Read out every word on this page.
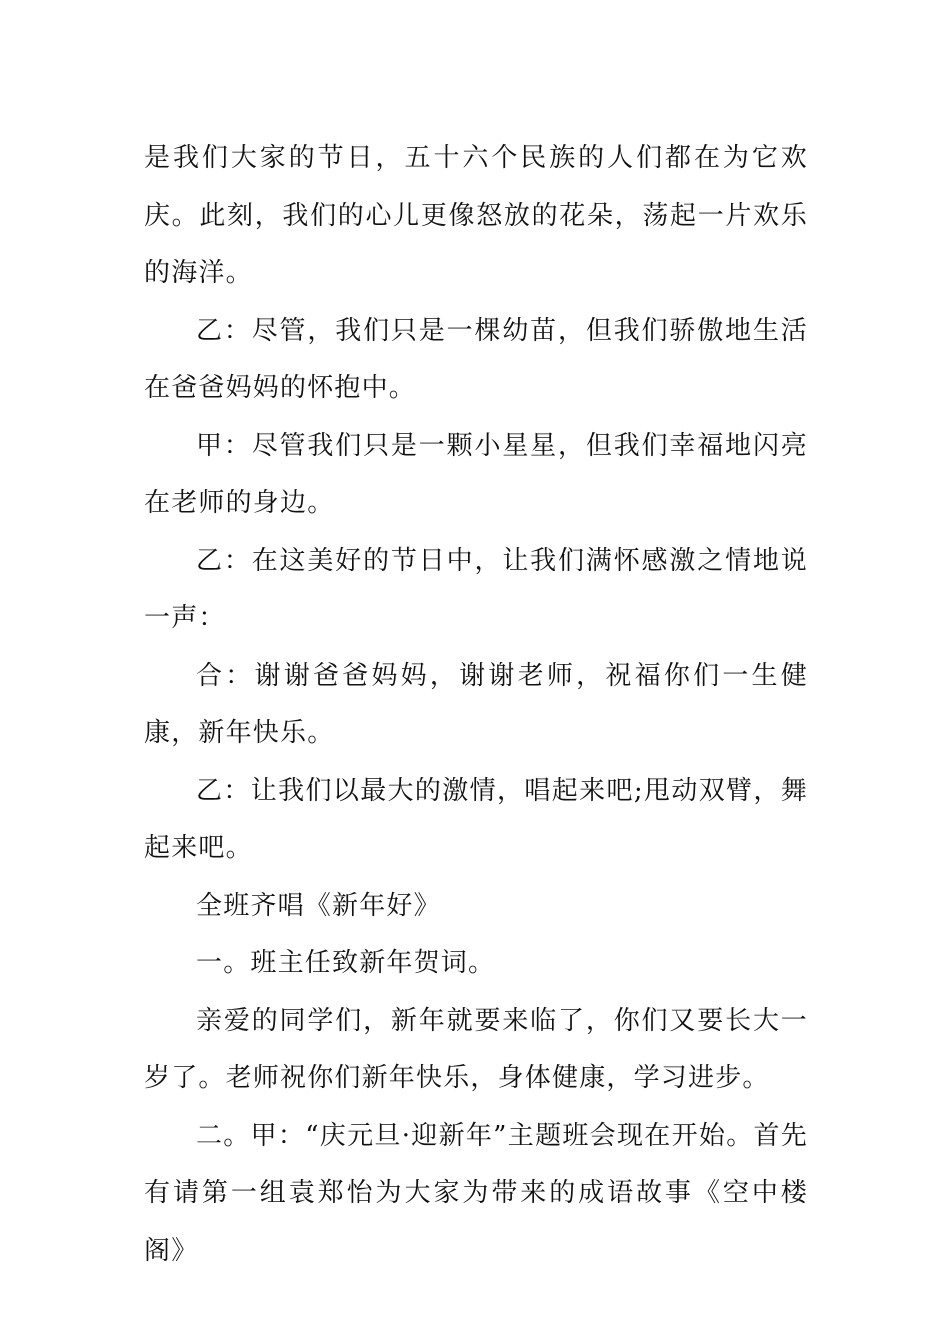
是我们大家的节日，五十六个民族的人们都在为它欢庆。此刻，我们的心儿更像怒放的花朵，荡起一片欢乐的海洋。

乙：尽管，我们只是一棵幼苗，但我们骄傲地生活在爸爸妈妈的怀抱中。

甲：尽管我们只是一颗小星星，但我们幸福地闪亮在老师的身边。

乙：在这美好的节日中，让我们满怀感激之情地说一声：

合：谢谢爸爸妈妈，谢谢老师，祝福你们一生健康，新年快乐。

乙：让我们以最大的激情，唱起来吧;甩动双臂，舞起来吧。

全班齐唱《新年好》

一。班主任致新年贺词。

亲爱的同学们，新年就要来临了，你们又要长大一岁了。老师祝你们新年快乐，身体健康，学习进步。

二。甲：“庆元旦·迎新年”主题班会现在开始。首先有请第一组袁郑怡为大家为带来的成语故事《空中楼阁》
